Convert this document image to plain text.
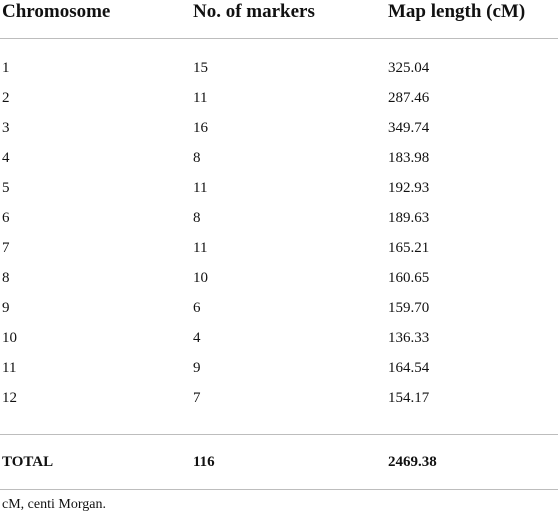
Chromosome	No. of markers	Map length (cM)
1	15	325.04
2	11	287.46
3	16	349.74
4	8	183.98
5	11	192.93
6	8	189.63
7	11	165.21
8	10	160.65
9	6	159.70
10	4	136.33
11	9	164.54
12	7	154.17
TOTAL	116	2469.38
cM, centi Morgan.
